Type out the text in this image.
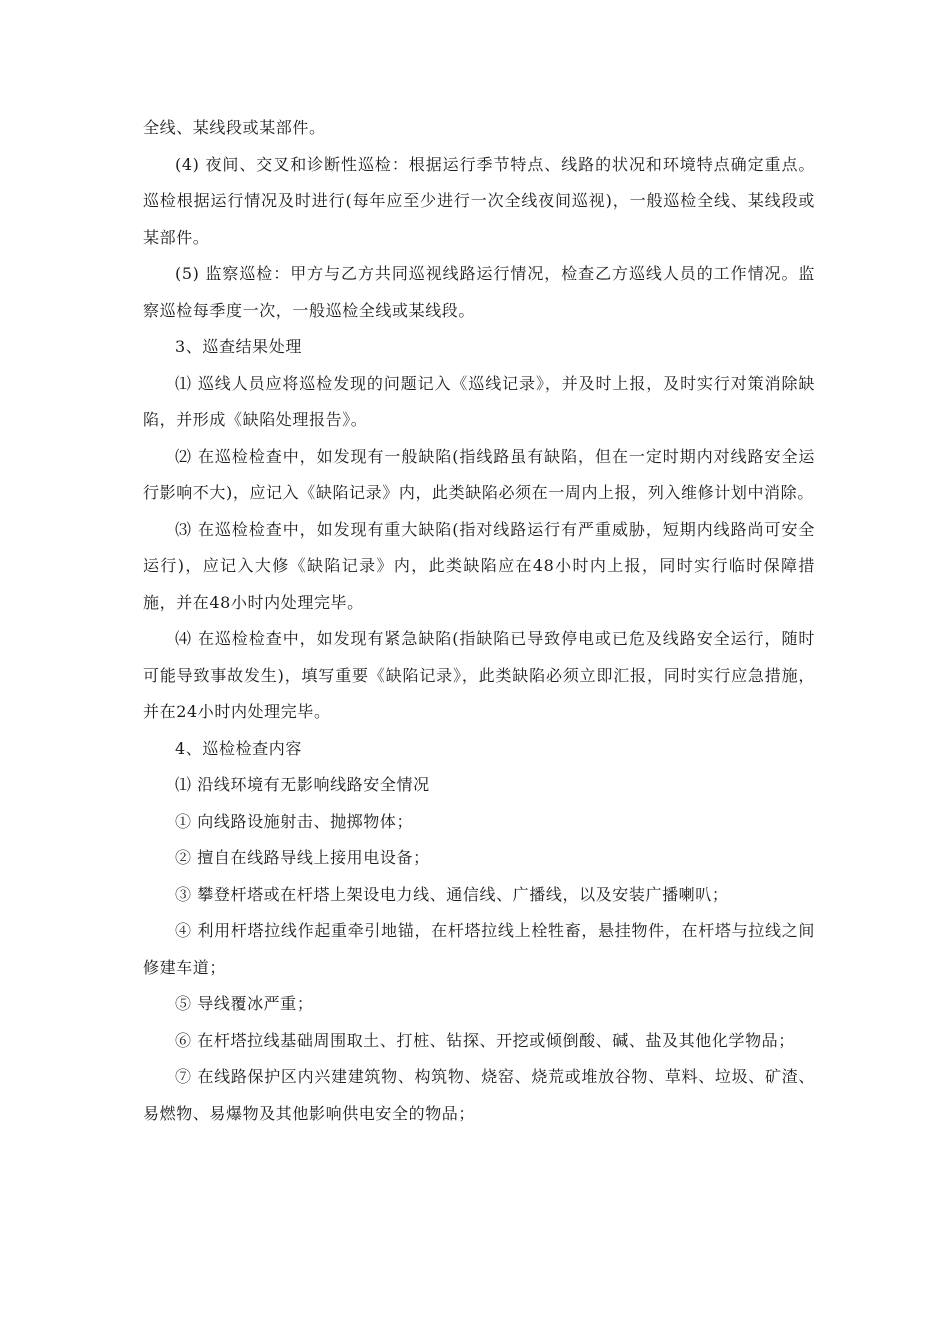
全线、某线段或某部件。

(4) 夜间、交叉和诊断性巡检：根据运行季节特点、线路的状况和环境特点确定重点。巡检根据运行情况及时进行(每年应至少进行一次全线夜间巡视)，一般巡检全线、某线段或某部件。

(5) 监察巡检：甲方与乙方共同巡视线路运行情况，检查乙方巡线人员的工作情况。监察巡检每季度一次，一般巡检全线或某线段。

3、巡查结果处理

⑴ 巡线人员应将巡检发现的问题记入《巡线记录》，并及时上报，及时实行对策消除缺陷，并形成《缺陷处理报告》。

⑵ 在巡检检查中，如发现有一般缺陷(指线路虽有缺陷，但在一定时期内对线路安全运行影响不大)，应记入《缺陷记录》内，此类缺陷必须在一周内上报，列入维修计划中消除。

⑶ 在巡检检查中，如发现有重大缺陷(指对线路运行有严重威胁，短期内线路尚可安全运行)，应记入大修《缺陷记录》内，此类缺陷应在48小时内上报，同时实行临时保障措施，并在48小时内处理完毕。

⑷ 在巡检检查中，如发现有紧急缺陷(指缺陷已导致停电或已危及线路安全运行，随时可能导致事故发生)，填写重要《缺陷记录》，此类缺陷必须立即汇报，同时实行应急措施，并在24小时内处理完毕。

4、巡检检查内容

⑴ 沿线环境有无影响线路安全情况

① 向线路设施射击、抛掷物体；

② 擅自在线路导线上接用电设备；

③ 攀登杆塔或在杆塔上架设电力线、通信线、广播线，以及安装广播喇叭；

④ 利用杆塔拉线作起重牵引地锚，在杆塔拉线上栓牲畜，悬挂物件，在杆塔与拉线之间修建车道；

⑤ 导线覆冰严重；

⑥ 在杆塔拉线基础周围取土、打桩、钻探、开挖或倾倒酸、碱、盐及其他化学物品；

⑦ 在线路保护区内兴建建筑物、构筑物、烧窑、烧荒或堆放谷物、草料、垃圾、矿渣、易燃物、易爆物及其他影响供电安全的物品；
